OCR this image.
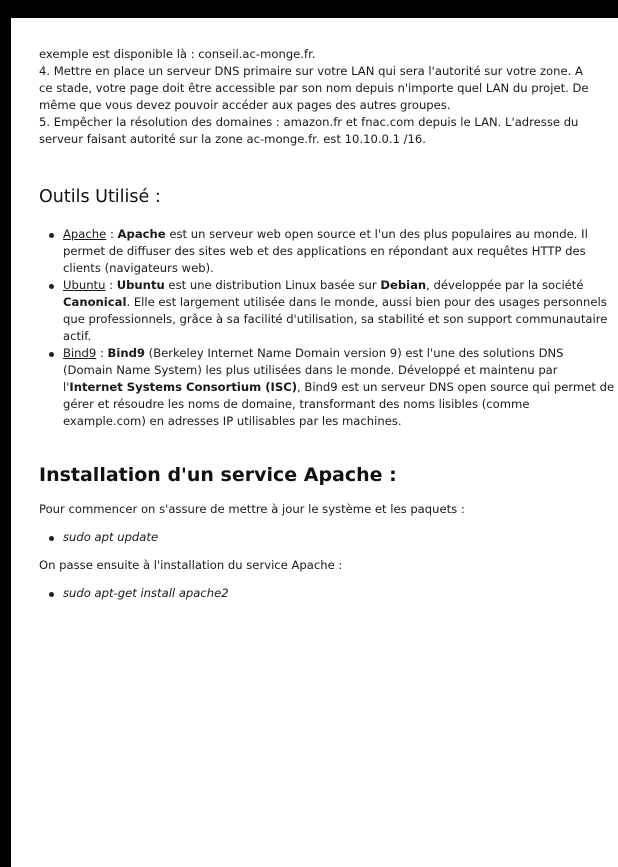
exemple est disponible là : conseil.ac-monge.fr.

4. Mettre en place un serveur DNS primaire sur votre LAN qui sera l'autorité sur votre zone. A ce stade, votre page doit être accessible par son nom depuis n'importe quel LAN du projet. De même que vous devez pouvoir accéder aux pages des autres groupes.

5. Empêcher la résolution des domaines : amazon.fr et fnac.com depuis le LAN. L'adresse du serveur faisant autorité sur la zone ac-monge.fr. est 10.10.0.1 /16.

Outils Utilisé :
Apache : Apache est un serveur web open source et l'un des plus populaires au monde. Il permet de diffuser des sites web et des applications en répondant aux requêtes HTTP des clients (navigateurs web).
Ubuntu : Ubuntu est une distribution Linux basée sur Debian, développée par la société Canonical. Elle est largement utilisée dans le monde, aussi bien pour des usages personnels que professionnels, grâce à sa facilité d'utilisation, sa stabilité et son support communautaire actif.
Bind9 : Bind9 (Berkeley Internet Name Domain version 9) est l'une des solutions DNS (Domain Name System) les plus utilisées dans le monde. Développé et maintenu par l'Internet Systems Consortium (ISC), Bind9 est un serveur DNS open source qui permet de gérer et résoudre les noms de domaine, transformant des noms lisibles (comme example.com) en adresses IP utilisables par les machines.
Installation d'un service Apache :

Pour commencer on s'assure de mettre à jour le système et les paquets :

sudo apt update

On passe ensuite à l'installation du service Apache :

sudo apt-get install apache2
